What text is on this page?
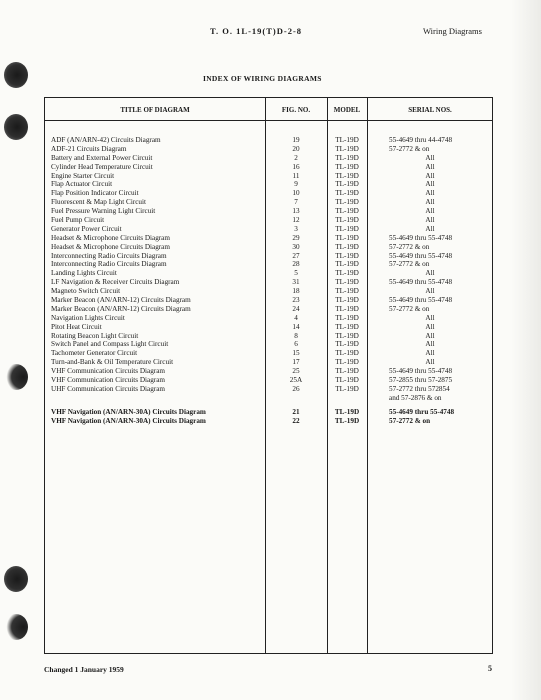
T. O. 1L-19(T)D-2-8	Wiring Diagrams
INDEX OF WIRING DIAGRAMS
TITLE OF DIAGRAM	FIG. NO.	MODEL	SERIAL NOS.
ADF (AN/ARN-42) Circuits Diagram	19	TL-19D	55-4649 thru 44-4748
ADF-21 Circuits Diagram	20	TL-19D	57-2772 & on
Battery and External Power Circuit	2	TL-19D	All
Cylinder Head Temperature Circuit	16	TL-19D	All
Engine Starter Circuit	11	TL-19D	All
Flap Actuator Circuit	9	TL-19D	All
Flap Position Indicator Circuit	10	TL-19D	All
Fluorescent & Map Light Circuit	7	TL-19D	All
Fuel Pressure Warning Light Circuit	13	TL-19D	All
Fuel Pump Circuit	12	TL-19D	All
Generator Power Circuit	3	TL-19D	All
Headset & Microphone Circuits Diagram	29	TL-19D	55-4649 thru 55-4748
Headset & Microphone Circuits Diagram	30	TL-19D	57-2772 & on
Interconnecting Radio Circuits Diagram	27	TL-19D	55-4649 thru 55-4748
Interconnecting Radio Circuits Diagram	28	TL-19D	57-2772 & on
Landing Lights Circuit	5	TL-19D	All
LF Navigation & Receiver Circuits Diagram	31	TL-19D	55-4649 thru 55-4748
Magneto Switch Circuit	18	TL-19D	All
Marker Beacon (AN/ARN-12) Circuits Diagram	23	TL-19D	55-4649 thru 55-4748
Marker Beacon (AN/ARN-12) Circuits Diagram	24	TL-19D	57-2772 & on
Navigation Lights Circuit	4	TL-19D	All
Pitot Heat Circuit	14	TL-19D	All
Rotating Beacon Light Circuit	8	TL-19D	All
Switch Panel and Compass Light Circuit	6	TL-19D	All
Tachometer Generator Circuit	15	TL-19D	All
Turn-and-Bank & Oil Temperature Circuit	17	TL-19D	All
VHF Communication Circuits Diagram	25	TL-19D	55-4649 thru 55-4748
VHF Communication Circuits Diagram	25A	TL-19D	57-2855 thru 57-2875
UHF Communication Circuits Diagram	26	TL-19D	57-2772 thru 572854
and 57-2876 & on
VHF Navigation (AN/ARN-30A) Circuits Diagram	21	TL-19D	55-4649 thru 55-4748
VHF Navigation (AN/ARN-30A) Circuits Diagram	22	TL-19D	57-2772 & on
Changed 1 January 1959	5
